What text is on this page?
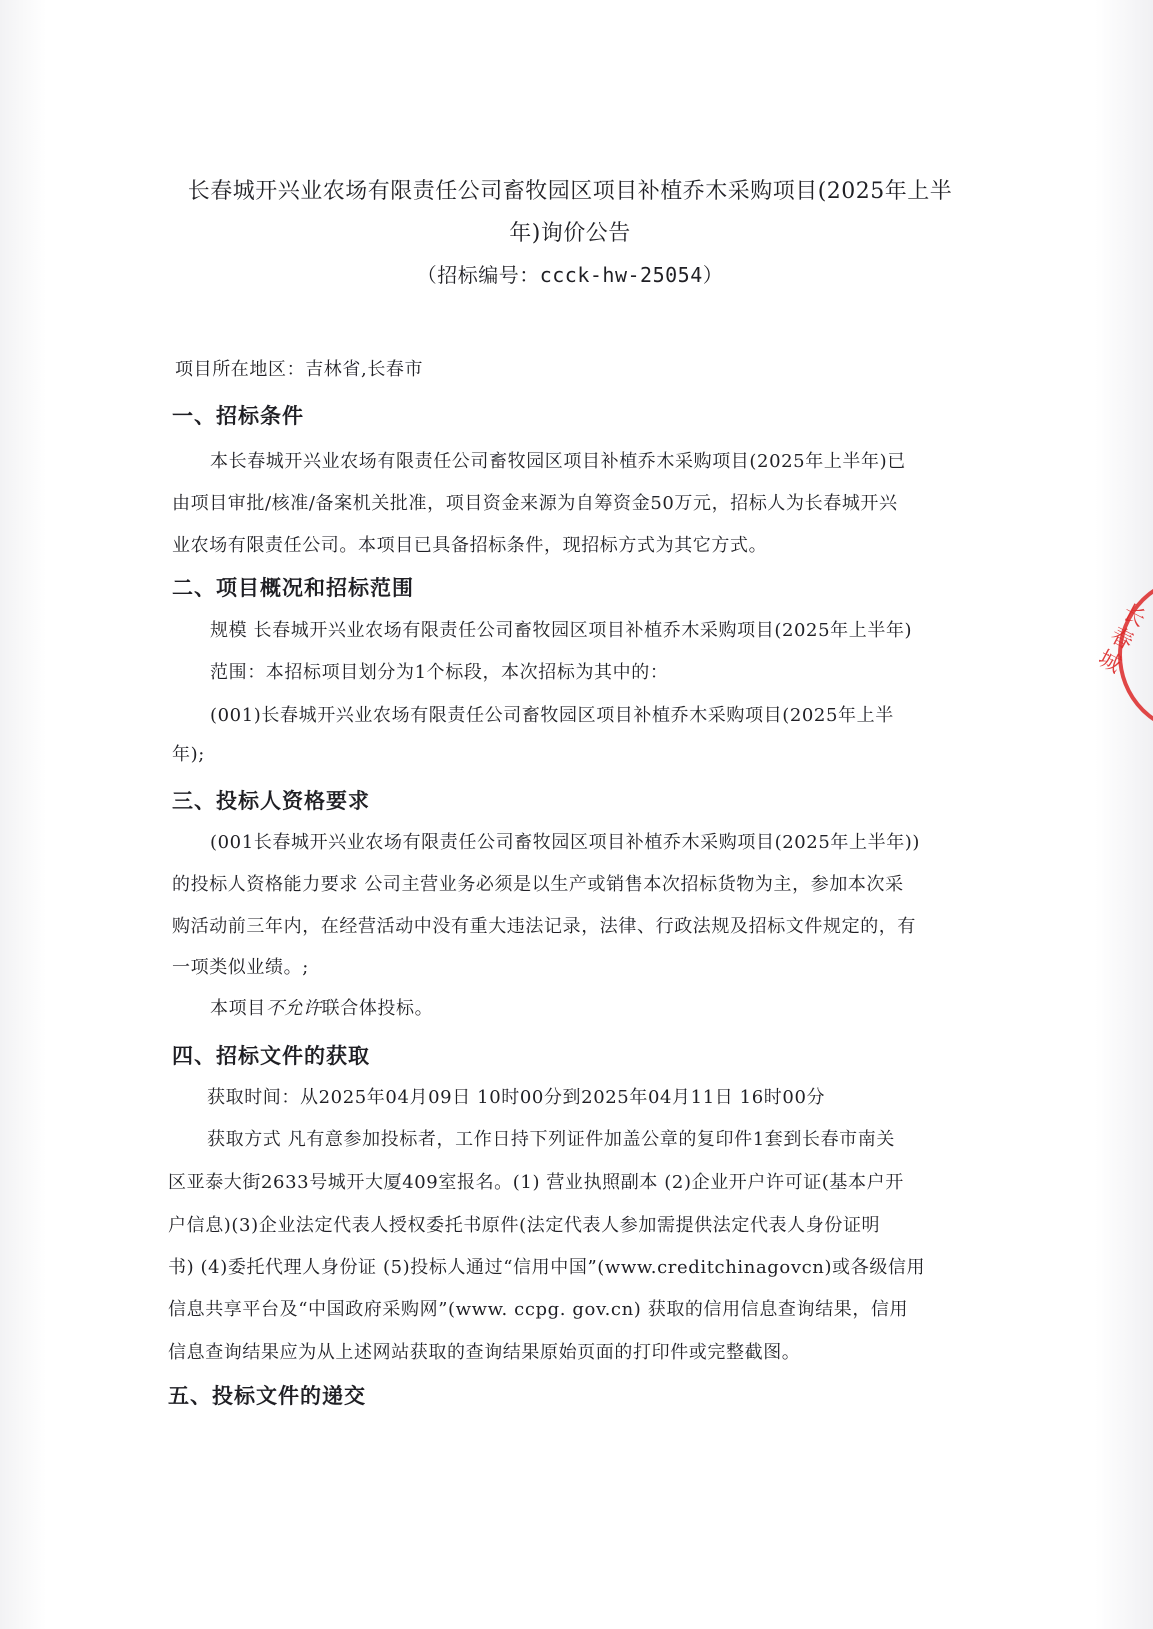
长春城开兴业农场有限责任公司畜牧园区项目补植乔木采购项目(2025年上半
年)询价公告
（招标编号：ccck-hw-25054）
项目所在地区：吉林省,长春市
一、招标条件
本长春城开兴业农场有限责任公司畜牧园区项目补植乔木采购项目(2025年上半年)已
由项目审批/核准/备案机关批准，项目资金来源为自筹资金50万元，招标人为长春城开兴
业农场有限责任公司。本项目已具备招标条件，现招标方式为其它方式。
二、项目概况和招标范围
规模 长春城开兴业农场有限责任公司畜牧园区项目补植乔木采购项目(2025年上半年)
范围：本招标项目划分为1个标段，本次招标为其中的：
(001)长春城开兴业农场有限责任公司畜牧园区项目补植乔木采购项目(2025年上半
年);
三、投标人资格要求
(001长春城开兴业农场有限责任公司畜牧园区项目补植乔木采购项目(2025年上半年))
的投标人资格能力要求 公司主营业务必须是以生产或销售本次招标货物为主，参加本次采
购活动前三年内，在经营活动中没有重大违法记录，法律、行政法规及招标文件规定的，有
一项类似业绩。;
本项目不允许联合体投标。
四、招标文件的获取
获取时间：从2025年04月09日 10时00分到2025年04月11日 16时00分
获取方式 凡有意参加投标者，工作日持下列证件加盖公章的复印件1套到长春市南关
区亚泰大街2633号城开大厦409室报名。(1) 营业执照副本 (2)企业开户许可证(基本户开
户信息)(3)企业法定代表人授权委托书原件(法定代表人参加需提供法定代表人身份证明
书) (4)委托代理人身份证 (5)投标人通过“信用中国”(www.creditchinagovcn)或各级信用
信息共享平台及“中国政府采购网”(www. ccpg. gov.cn) 获取的信用信息查询结果，信用
信息查询结果应为从上述网站获取的查询结果原始页面的打印件或完整截图。
五、投标文件的递交
长春城
